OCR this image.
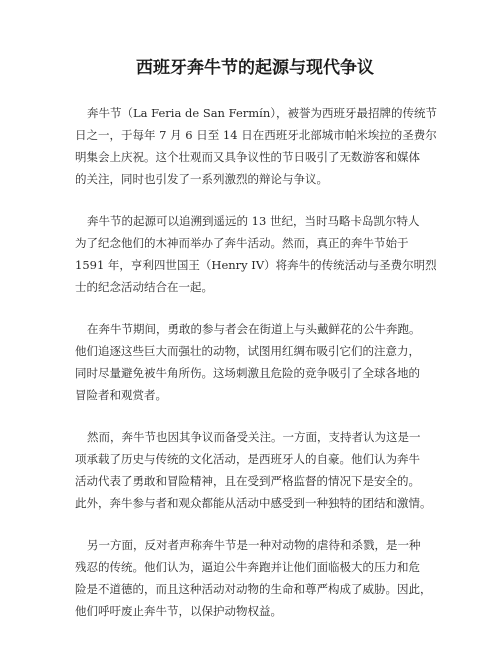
西班牙奔牛节的起源与现代争议
奔牛节（La Feria de San Fermín），被誉为西班牙最招牌的传统节
日之一，于每年 7 月 6 日至 14 日在西班牙北部城市帕米埃拉的圣费尔
明集会上庆祝。这个壮观而又具争议性的节日吸引了无数游客和媒体
的关注，同时也引发了一系列激烈的辩论与争议。
奔牛节的起源可以追溯到遥远的 13 世纪，当时马略卡岛凯尔特人
为了纪念他们的木神而举办了奔牛活动。然而，真正的奔牛节始于
1591 年，亨利四世国王（Henry IV）将奔牛的传统活动与圣费尔明烈
士的纪念活动结合在一起。
在奔牛节期间，勇敢的参与者会在街道上与头戴鲜花的公牛奔跑。
他们追逐这些巨大而强壮的动物，试图用红绸布吸引它们的注意力，
同时尽量避免被牛角所伤。这场刺激且危险的竞争吸引了全球各地的
冒险者和观赏者。
然而，奔牛节也因其争议而备受关注。一方面，支持者认为这是一
项承载了历史与传统的文化活动，是西班牙人的自豪。他们认为奔牛
活动代表了勇敢和冒险精神，且在受到严格监督的情况下是安全的。
此外，奔牛参与者和观众都能从活动中感受到一种独特的团结和激情。
另一方面，反对者声称奔牛节是一种对动物的虐待和杀戮，是一种
残忍的传统。他们认为，逼迫公牛奔跑并让他们面临极大的压力和危
险是不道德的，而且这种活动对动物的生命和尊严构成了威胁。因此，
他们呼吁废止奔牛节，以保护动物权益。
